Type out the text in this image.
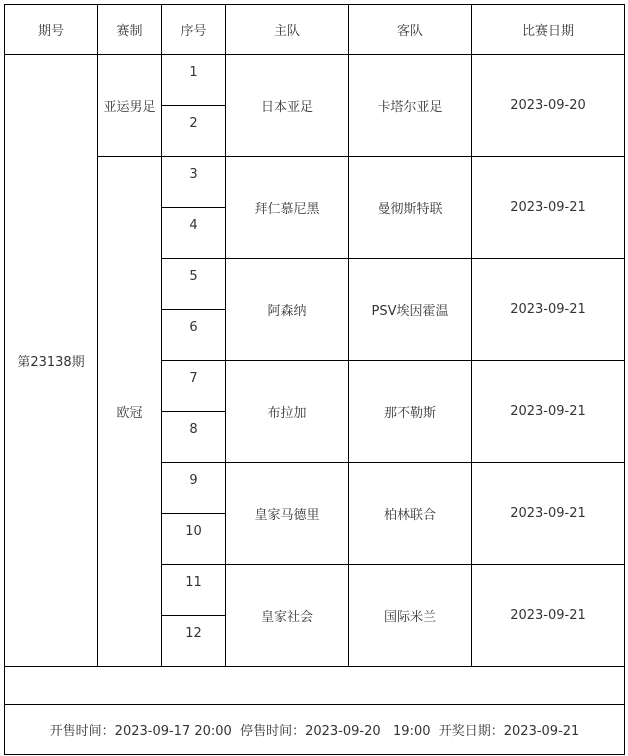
期号	赛制	序号	主队	客队	比赛日期
第23138期	亚运男足	1	日本亚足	卡塔尔亚足	2023-09-20

		2			

	欧冠	3	拜仁慕尼黑	曼彻斯特联	2023-09-21

		4			

		5	阿森纳	PSV埃因霍温	2023-09-21

		6			

		7	布拉加	那不勒斯	2023-09-21

		8			

		9	皇家马德里	柏林联合	2023-09-21

		10			

		11	皇家社会	国际米兰	2023-09-21

		12			

开售时间：2023-09-17 20:00  停售时间：2023-09-20   19:00  开奖日期：2023-09-21					
